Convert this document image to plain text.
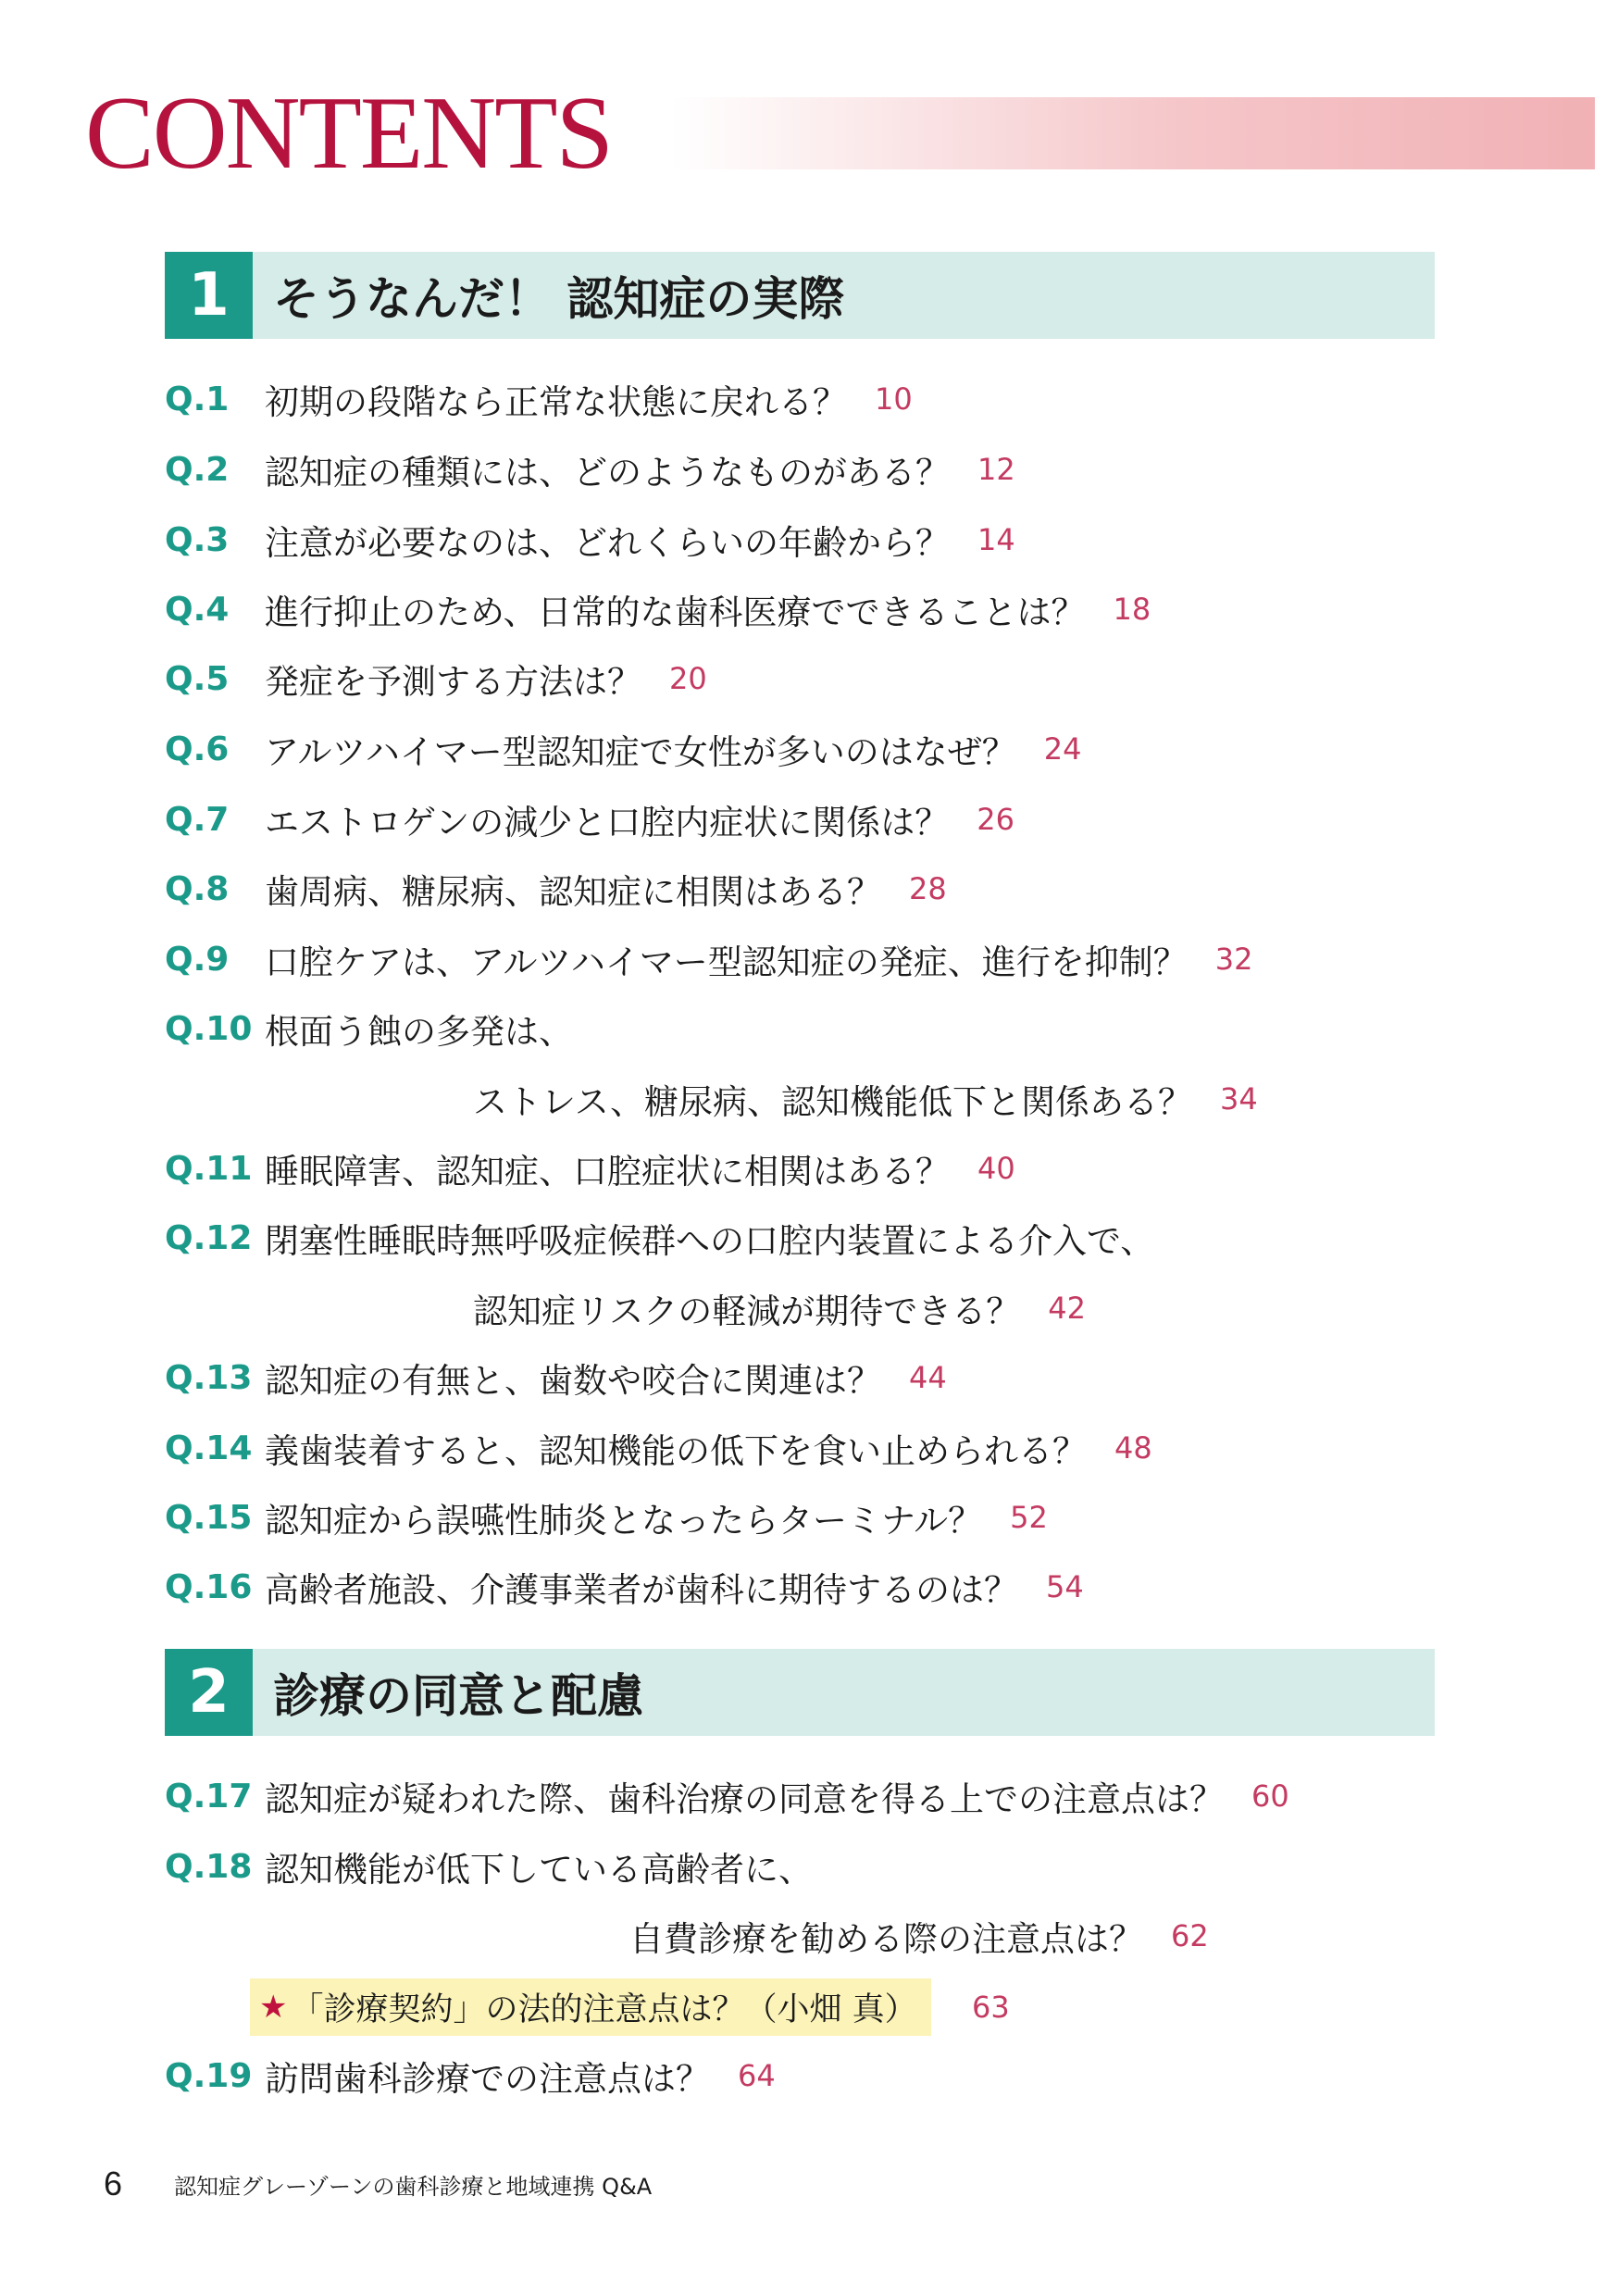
CONTENTS
1 そうなんだ！ 認知症の実際
Q.1	初期の段階なら正常な状態に戻れる？ 10
Q.2	認知症の種類には、どのようなものがある？ 12
Q.3	注意が必要なのは、どれくらいの年齢から？ 14
Q.4	進行抑止のため、日常的な歯科医療でできることは？ 18
Q.5	発症を予測する方法は？ 20
Q.6	アルツハイマー型認知症で女性が多いのはなぜ？ 24
Q.7	エストロゲンの減少と口腔内症状に関係は？ 26
Q.8	歯周病、糖尿病、認知症に相関はある？ 28
Q.9	口腔ケアは、アルツハイマー型認知症の発症、進行を抑制？ 32
Q.10 根面う蝕の多発は、
ストレス、糖尿病、認知機能低下と関係ある？ 34
Q.11 睡眠障害、認知症、口腔症状に相関はある？ 40
Q.12 閉塞性睡眠時無呼吸症候群への口腔内装置による介入で、
認知症リスクの軽減が期待できる？ 42
Q.13 認知症の有無と、歯数や咬合に関連は？ 44
Q.14 義歯装着すると、認知機能の低下を食い止められる？ 48
Q.15 認知症から誤嚥性肺炎となったらターミナル？ 52
Q.16 高齢者施設、介護事業者が歯科に期待するのは？ 54
2 診療の同意と配慮
Q.17 認知症が疑われた際、歯科治療の同意を得る上での注意点は？ 60
Q.18 認知機能が低下している高齢者に、
自費診療を勧める際の注意点は？ 62
★ 「診療契約」の法的注意点は？（小畑 真） 63
Q.19 訪問歯科診療での注意点は？ 64
6 認知症グレーゾーンの歯科診療と地域連携 Q&A
